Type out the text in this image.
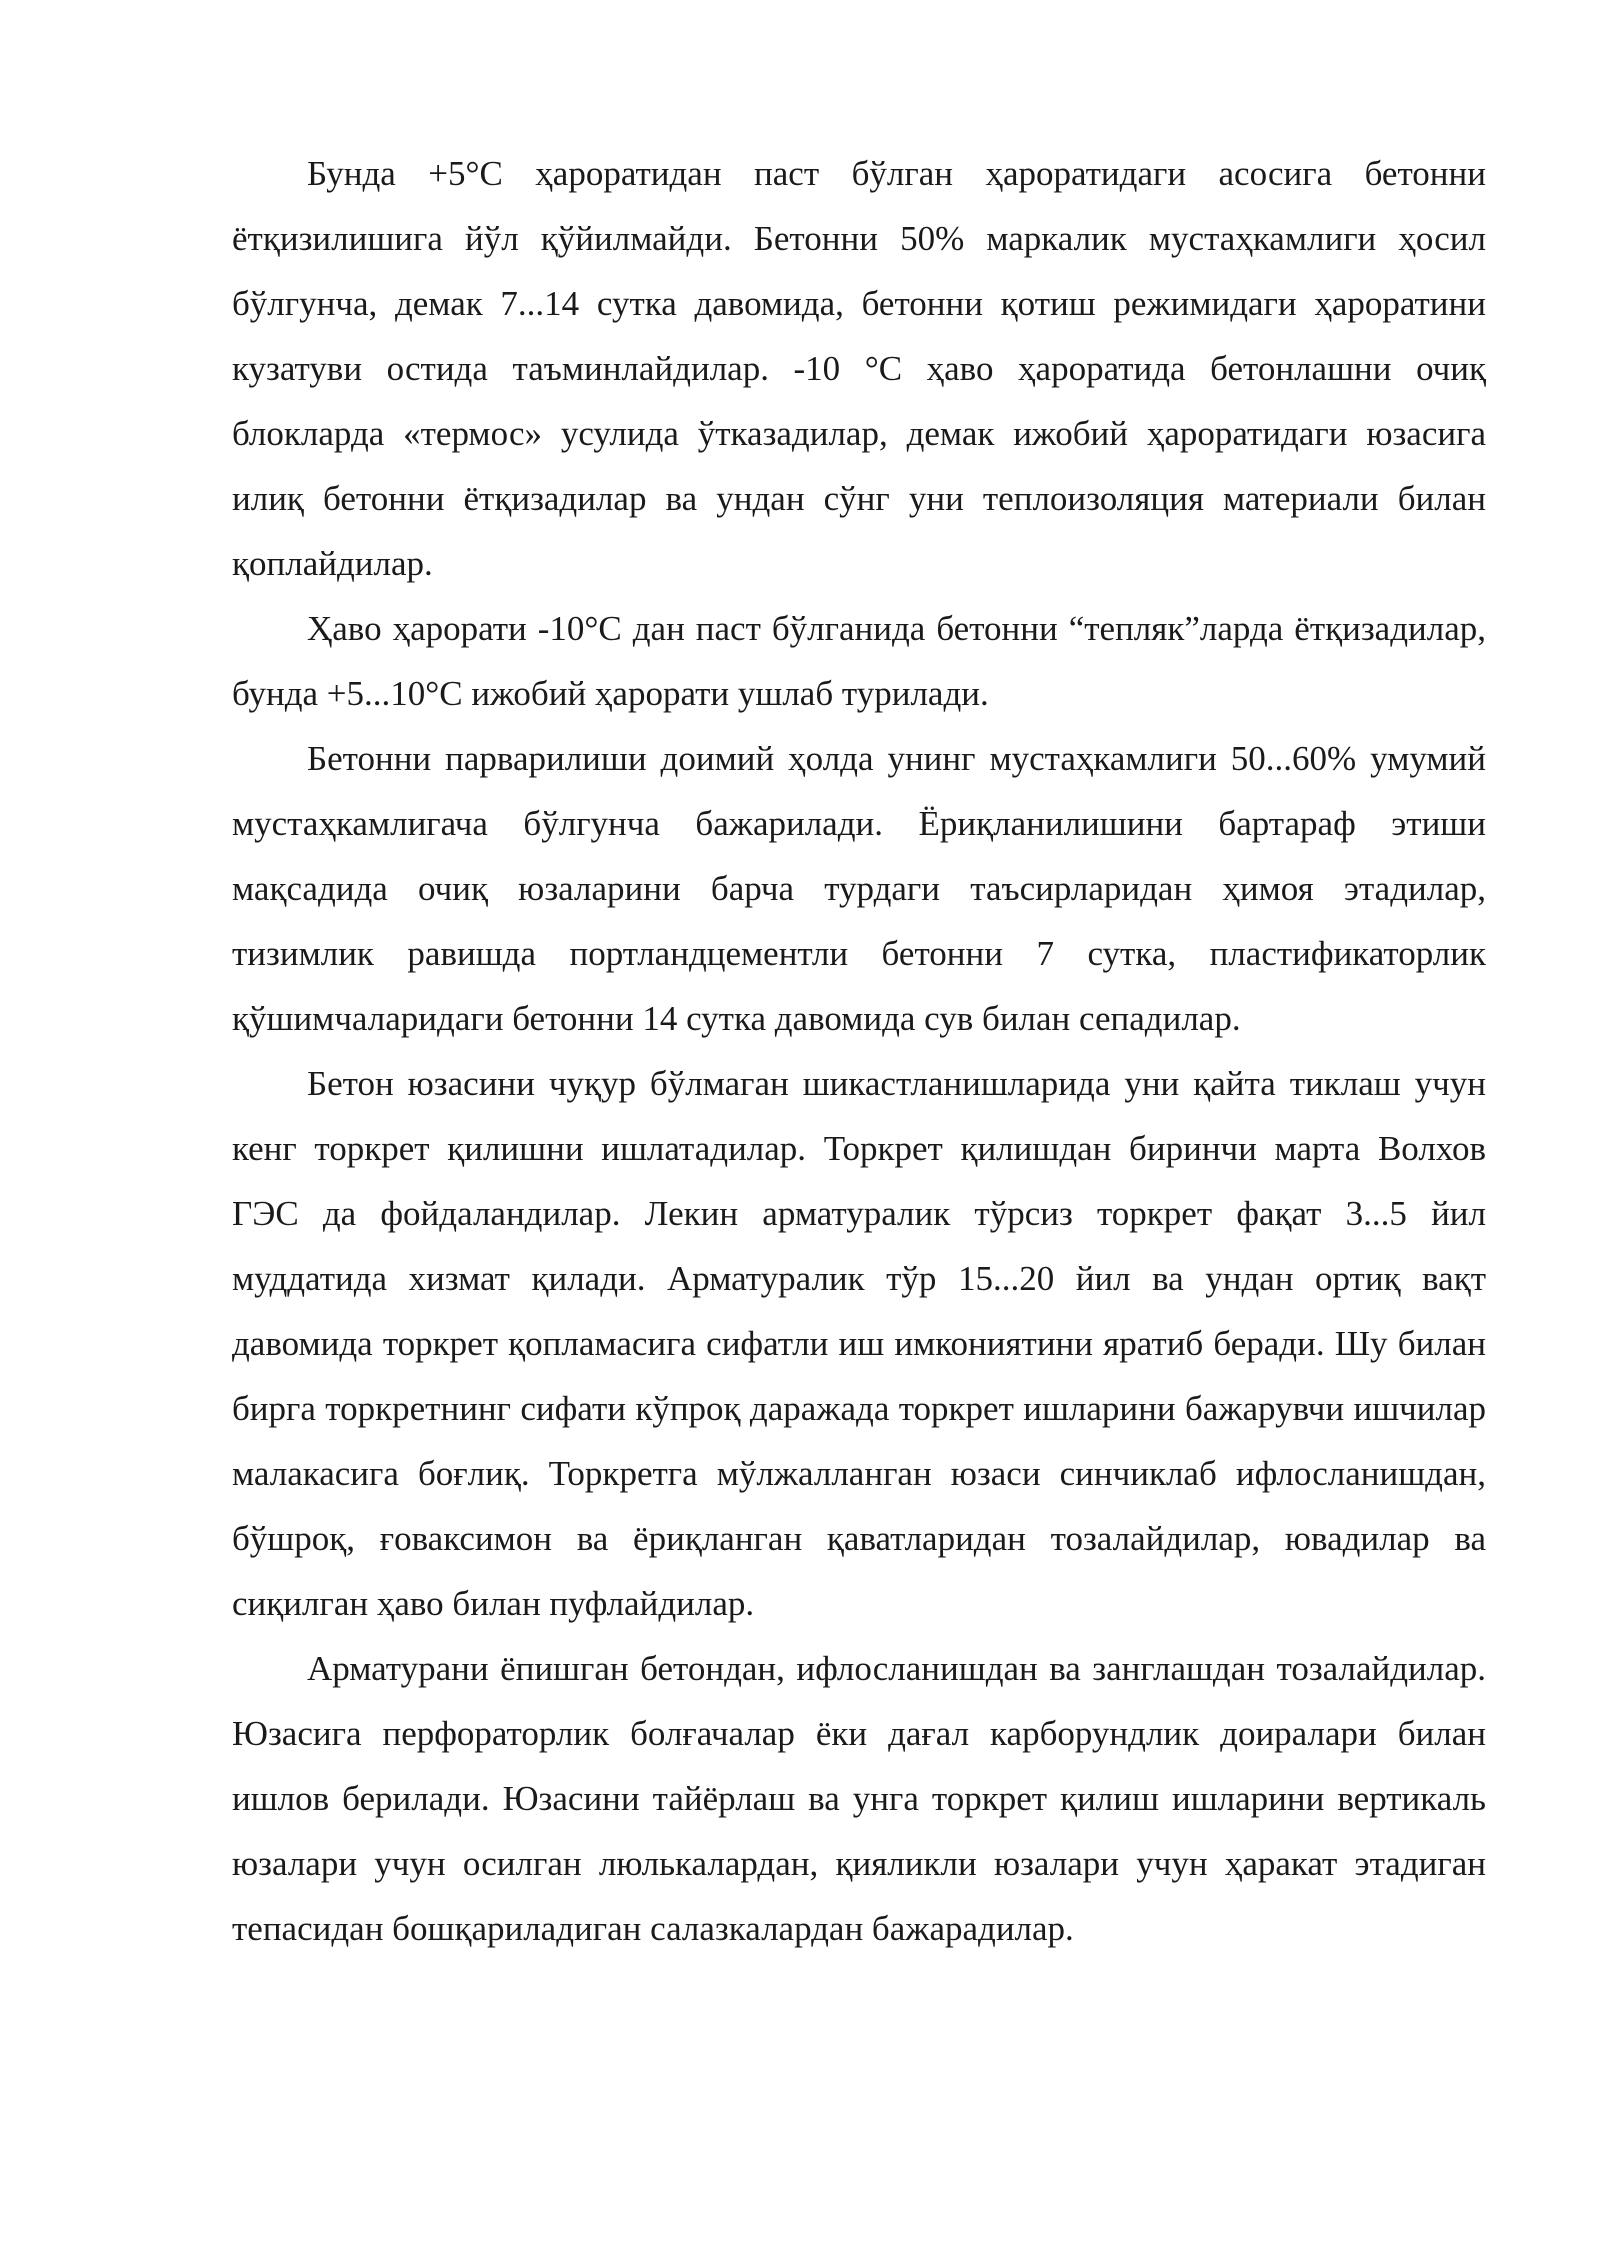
Бунда +5°С ҳароратидан паст бўлган ҳароратидаги асосига бетонни ётқизилишига йўл қўйилмайди. Бетонни 50% маркалик мустаҳкамлиги ҳосил бўлгунча, демак 7...14 сутка давомида, бетонни қотиш режимидаги ҳароратини кузатуви остида таъминлайдилар. -10 °С ҳаво ҳароратида бетонлашни очиқ блокларда «термос» усулида ўтказадилар, демак ижобий ҳароратидаги юзасига илиқ бетонни ётқизадилар ва ундан сўнг уни теплоизоляция материали билан қоплайдилар.

Ҳаво ҳарорати -10°С дан паст бўлганида бетонни “тепляк”ларда ётқизадилар, бунда +5...10°С ижобий ҳарорати ушлаб турилади.

Бетонни парварилиши доимий ҳолда унинг мустаҳкамлиги 50...60% умумий мустаҳкамлигача бўлгунча бажарилади. Ёриқланилишини бартараф этиши мақсадида очиқ юзаларини барча турдаги таъсирларидан ҳимоя этадилар, тизимлик равишда портландцементли бетонни 7 сутка, пластификаторлик қўшимчаларидаги бетонни 14 сутка давомида сув билан сепадилар.

Бетон юзасини чуқур бўлмаган шикастланишларида уни қайта тиклаш учун кенг торкрет қилишни ишлатадилар. Торкрет қилишдан биринчи марта Волхов ГЭС да фойдаландилар. Лекин арматуралик тўрсиз торкрет фақат 3...5 йил муддатида хизмат қилади. Арматуралик тўр 15...20 йил ва ундан ортиқ вақт давомида торкрет қопламасига сифатли иш имкониятини яратиб беради. Шу билан бирга торкретнинг сифати кўпроқ даражада торкрет ишларини бажарувчи ишчилар малакасига боғлиқ. Торкретга мўлжалланган юзаси синчиклаб ифлосланишдан, бўшроқ, ғоваксимон ва ёриқланган қаватларидан тозалайдилар, ювадилар ва сиқилган ҳаво билан пуфлайдилар.

Арматурани ёпишган бетондан, ифлосланишдан ва занглашдан тозалайдилар. Юзасига перфораторлик болғачалар ёки дағал карборундлик доиралари билан ишлов берилади. Юзасини тайёрлаш ва унга торкрет қилиш ишларини вертикаль юзалари учун осилган люлькалардан, қияликли юзалари учун ҳаракат этадиган тепасидан бошқариладиган салазкалардан бажарадилар.
